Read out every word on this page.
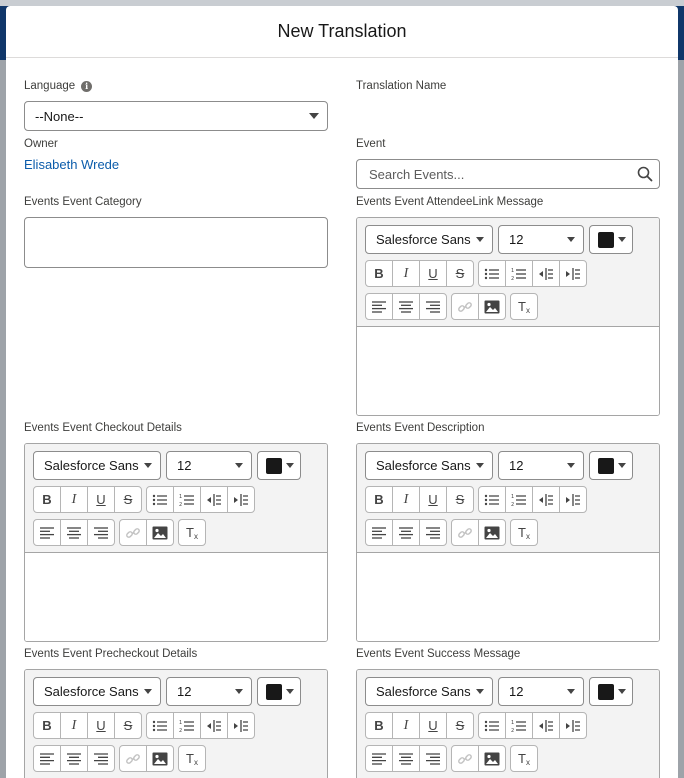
New Translation
Language	i
--None--
Translation Name
Owner
Elisabeth Wrede
Event
Search Events...
Events Event Category	Events Event AttendeeLink Message
Salesforce Sans	12
B	I	U	S	1
2
T x
Events Event Checkout Details
Salesforce Sans	12
B	I	U	S	1
2
T x
Events Event Description
Salesforce Sans	12
B	I	U	S	1
2
T x
Events Event Precheckout Details
Salesforce Sans	12
B	I	U	S	1
2
T x
Events Event Success Message
Salesforce Sans	12
B	I	U	S	1
2
T x
